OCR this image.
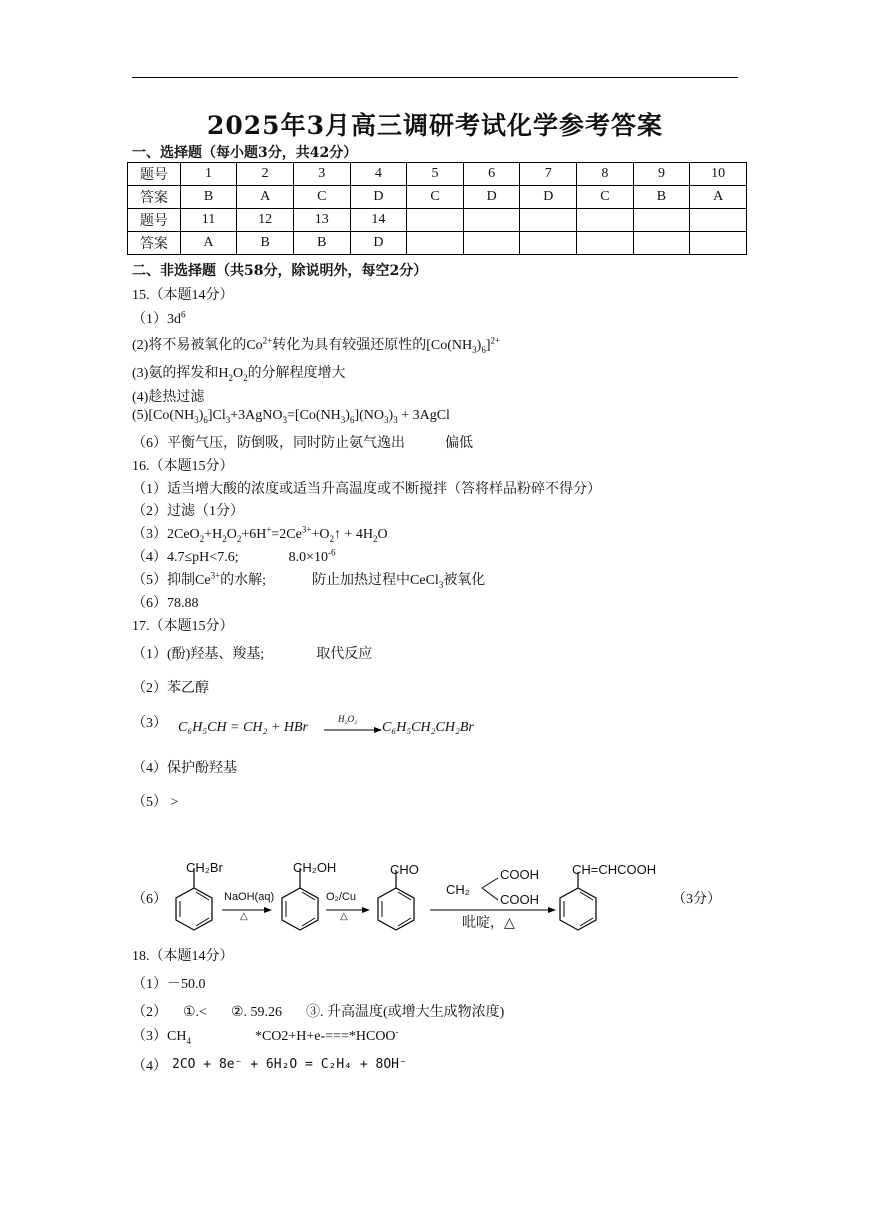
2025年3月高三调研考试化学参考答案
一、选择题（每小题3分，共42分）
题号	1	2	3	4	5	6	7	8	9	10
答案	B	A	C	D	C	D	D	C	B	A
题号	11	12	13	14						
答案	A	B	B	D						
二、非选择题（共58分，除说明外，每空2分）
15.（本题14分）
$(1)3d^6$
(2)将不易被氧化的$Co^{2+}$转化为具有较强还原性的$[Co(NH_3)_6]^{2+}$
(3)氨的挥发和$H_2O_2$的分解程度增大
(4)趁热过滤
$(5)[Co(NH_3)_6]Cl_3+3AgNO_3=[Co(NH_3)_6](NO_3)_3$ + 3AgCl
（6）平衡气压，防倒吸，同时防止氨气逸出	偏低
16.（本题15分）
（1）适当增大酸的浓度或适当升高温度或不断搅拌（答将样品粉碎不得分）
（2）过滤（1分）
$(3)2CeO_2+H_2O_2+6H^+=2Ce^{3+}+O_2↑ + 4H_2O$
（4）4.7≤pH<7.6;	$8.0\times 10^{-6}$
（5）抑制$Ce^{3+}$的水解;	防止加热过程中CeCl$_3$被氧化
（6）78.88
17.（本题15分）
（1）(酚)羟基、羧基;	取代反应
（2）苯乙醇
（3） C₆H₅CH = CH₂ + HBr
H₂O₂
C₆H₅CH₂CH₂Br
（4）保护酚羟基
（5） >
（6）	（3分）
CH₂Br
NaOH(aq)
△
CH₂OH
O₂/Cu
△
CHO	COOH
CH₂
COOH
吡啶，△
CH=CHCOOH
18.（本题14分）
（1）－50.0
（2） ①.< ②. 59.26 ③. 升高温度(或增大生成物浓度)
$(3)CH_4$	*CO2+H+e-===*HCOO-
（4） 2CO + 8e⁻ + 6H₂O = C₂H₄ + 8OH⁻
